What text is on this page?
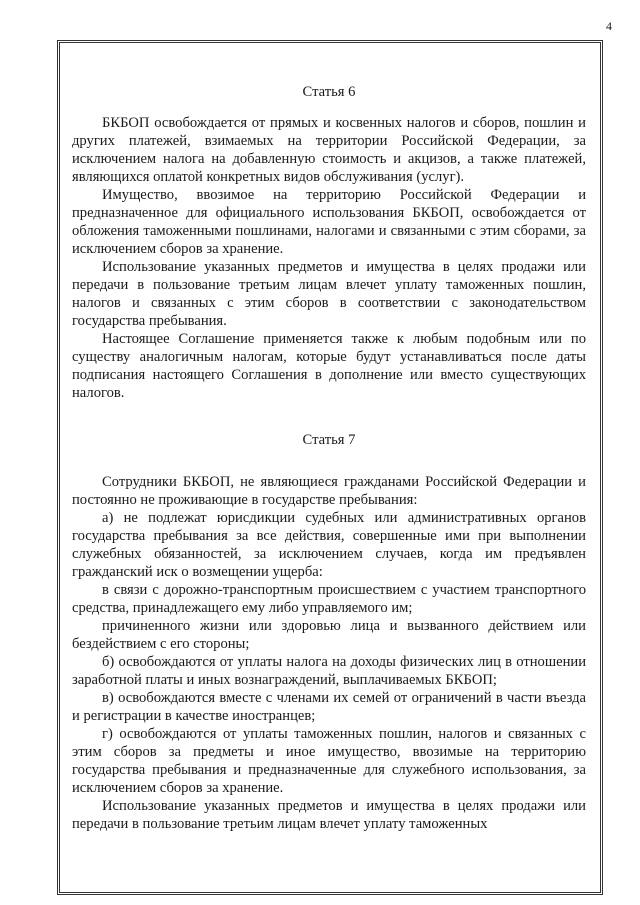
4
Статья 6

БКБОП освобождается от прямых и косвенных налогов и сборов, пошлин и других платежей, взимаемых на территории Российской Федерации, за исключением налога на добавленную стоимость и акцизов, а также платежей, являющихся оплатой конкретных видов обслуживания (услуг).

Имущество, ввозимое на территорию Российской Федерации и предназначенное для официального использования БКБОП, освобождается от обложения таможенными пошлинами, налогами и связанными с этим сборами, за исключением сборов за хранение.

Использование указанных предметов и имущества в целях продажи или передачи в пользование третьим лицам влечет уплату таможенных пошлин, налогов и связанных с этим сборов в соответствии с законодательством государства пребывания.

Настоящее Соглашение применяется также к любым подобным или по существу аналогичным налогам, которые будут устанавливаться после даты подписания настоящего Соглашения в дополнение или вместо существующих налогов.

Статья 7

Сотрудники БКБОП, не являющиеся гражданами Российской Федерации и постоянно не проживающие в государстве пребывания:

а) не подлежат юрисдикции судебных или административных органов государства пребывания за все действия, совершенные ими при выполнении служебных обязанностей, за исключением случаев, когда им предъявлен гражданский иск о возмещении ущерба:

в связи с дорожно-транспортным происшествием с участием транспортного средства, принадлежащего ему либо управляемого им;

причиненного жизни или здоровью лица и вызванного действием или бездействием с его стороны;

б) освобождаются от уплаты налога на доходы физических лиц в отношении заработной платы и иных вознаграждений, выплачиваемых БКБОП;

в) освобождаются вместе с членами их семей от ограничений в части въезда и регистрации в качестве иностранцев;

г) освобождаются от уплаты таможенных пошлин, налогов и связанных с этим сборов за предметы и иное имущество, ввозимые на территорию государства пребывания и предназначенные для служебного использования, за исключением сборов за хранение.

Использование указанных предметов и имущества в целях продажи или передачи в пользование третьим лицам влечет уплату таможенных
